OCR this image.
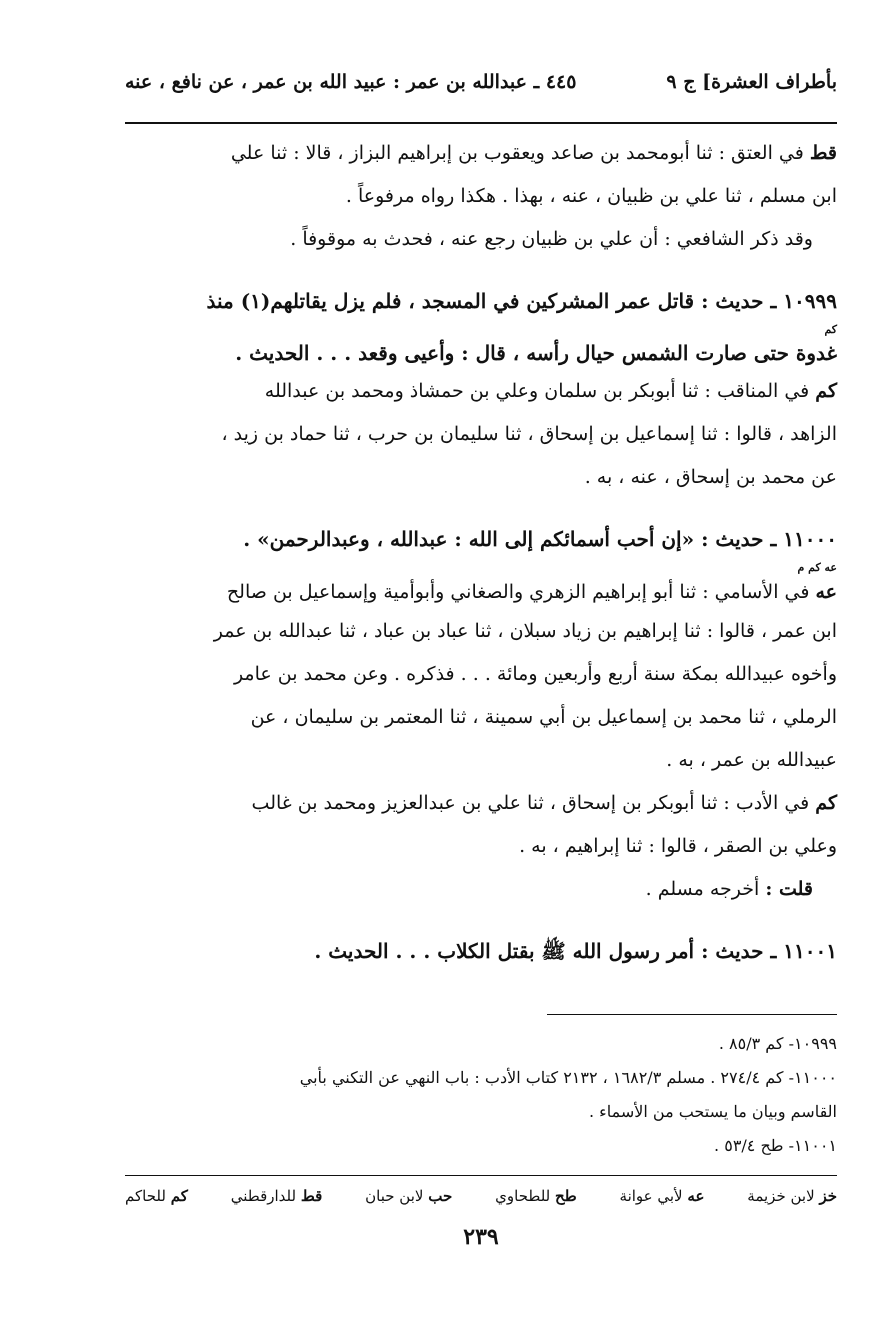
بأطراف العشرة] ج ٩
٤٤٥ ـ عبدالله بن عمر : عبيد الله بن عمر ، عن نافع ، عنه

قط في العتق : ثنا أبومحمد بن صاعد ويعقوب بن إبراهيم البزاز ، قالا : ثنا علي

ابن مسلم ، ثنا علي بن ظبيان ، عنه ، بهذا . هكذا رواه مرفوعاً .

وقد ذكر الشافعي : أن علي بن ظبيان رجع عنه ، فحدث به موقوفاً .

١٠٩٩٩ ـ حديث : قاتل عمر المشركين في المسجد ، فلم يزل يقاتلهم(١) منذ

كم

غدوة حتى صارت الشمس حيال رأسه ، قال : وأعيى وقعد . . . الحديث .

كم في المناقب : ثنا أبوبكر بن سلمان وعلي بن حمشاذ ومحمد بن عبدالله

الزاهد ، قالوا : ثنا إسماعيل بن إسحاق ، ثنا سليمان بن حرب ، ثنا حماد بن زيد ،

عن محمد بن إسحاق ، عنه ، به .

١١٠٠٠ ـ حديث : «إن أحب أسمائكم إلى الله : عبدالله ، وعبدالرحمن» .

عه كم م

عه في الأسامي : ثنا أبو إبراهيم الزهري والصغاني وأبوأمية وإسماعيل بن صالح

ابن عمر ، قالوا : ثنا إبراهيم بن زياد سبلان ، ثنا عباد بن عباد ، ثنا عبدالله بن عمر

وأخوه عبيدالله بمكة سنة أربع وأربعين ومائة . . . فذكره . وعن محمد بن عامر

الرملي ، ثنا محمد بن إسماعيل بن أبي سمينة ، ثنا المعتمر بن سليمان ، عن

عبيدالله بن عمر ، به .

كم في الأدب : ثنا أبوبكر بن إسحاق ، ثنا علي بن عبدالعزيز ومحمد بن غالب

وعلي بن الصقر ، قالوا : ثنا إبراهيم ، به .

قلت : أخرجه مسلم .

١١٠٠١ ـ حديث : أمر رسول الله ﷺ بقتل الكلاب . . . الحديث .

١٠٩٩٩- كم ٨٥/٣ .

١١٠٠٠- كم ٢٧٤/٤ . مسلم ١٦٨٢/٣ ، ٢١٣٢ كتاب الأدب : باب النهي عن التكني بأبي

القاسم وبيان ما يستحب من الأسماء .

١١٠٠١- طح ٥٣/٤ .

خز لابن خزيمة
عه لأبي عوانة
طح للطحاوي
حب لابن حبان
قط للدارقطني
كم للحاكم
٢٣٩
